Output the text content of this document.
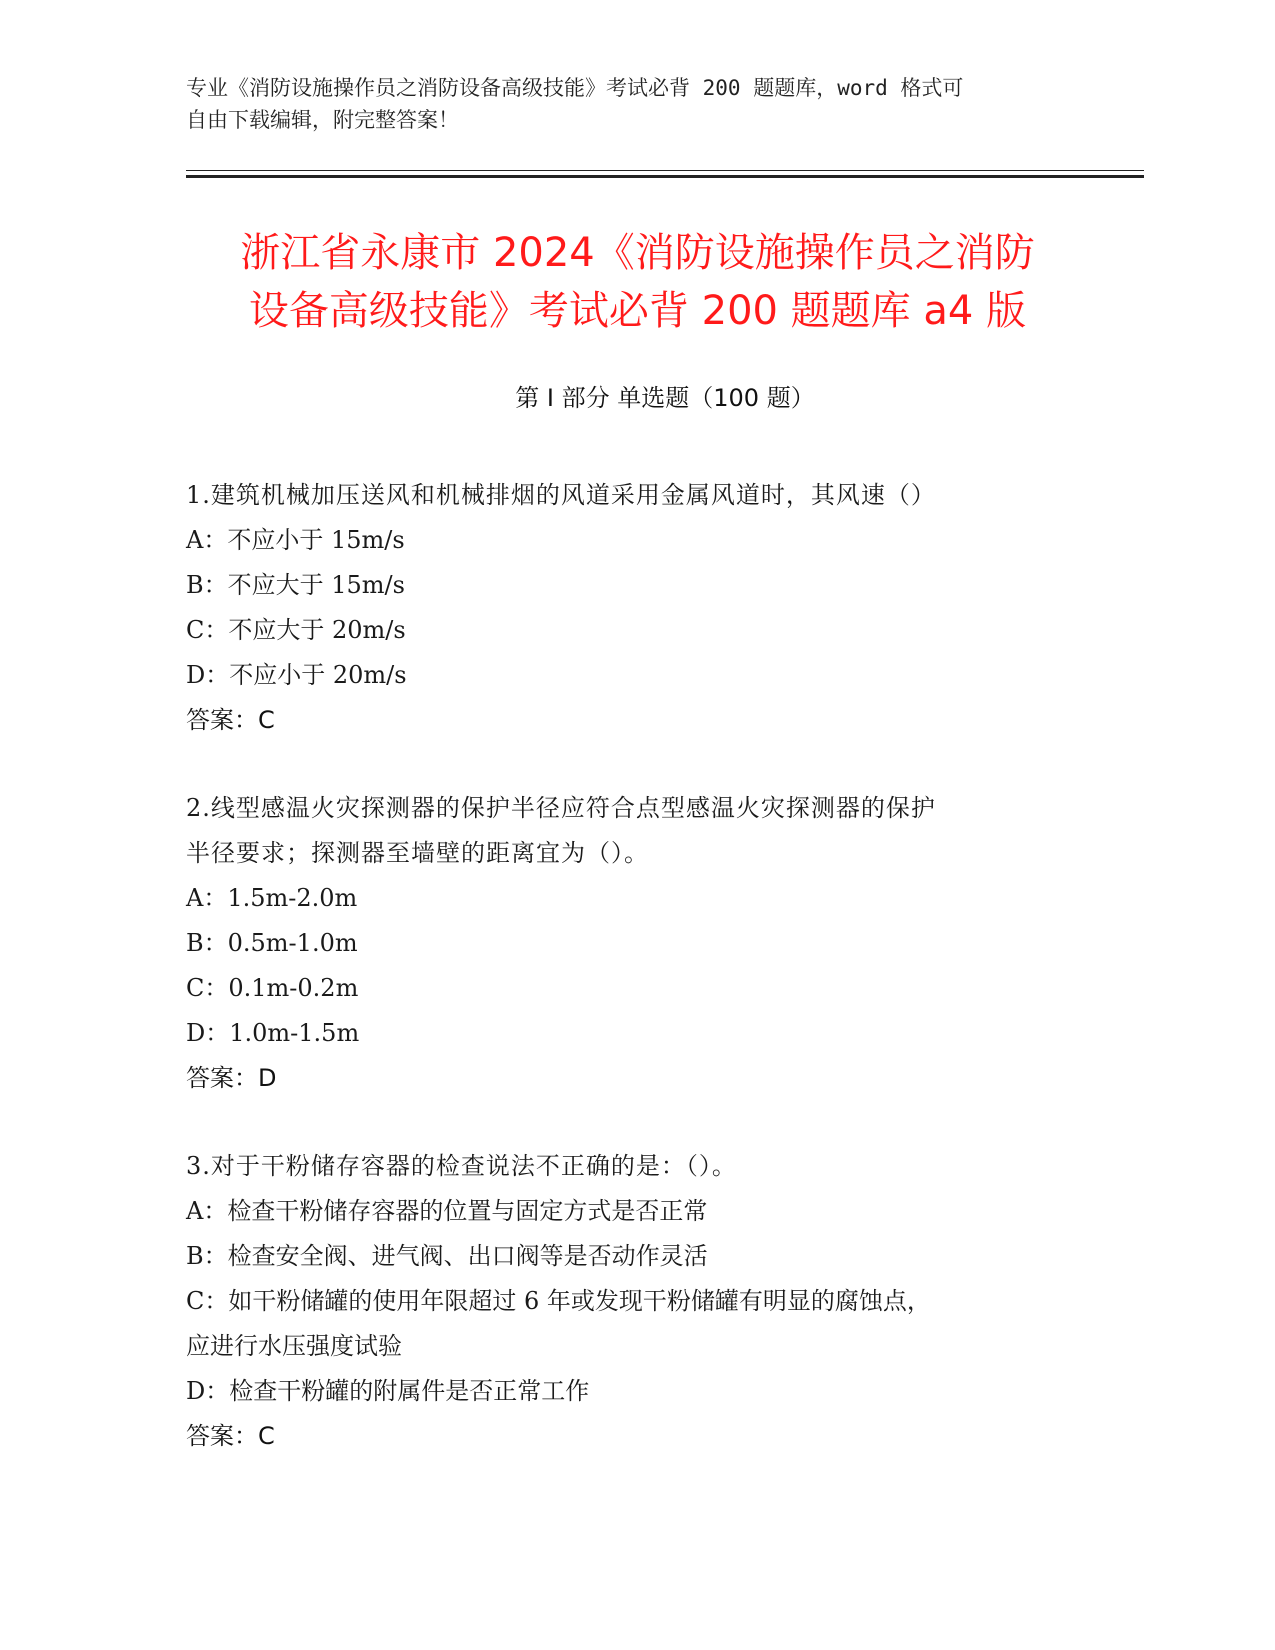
专业《消防设施操作员之消防设备高级技能》考试必背 200 题题库，word 格式可
自由下载编辑，附完整答案！
浙江省永康市 2024《消防设施操作员之消防
设备高级技能》考试必背 200 题题库 a4 版
第 I 部分 单选题（100 题）
1.建筑机械加压送风和机械排烟的风道采用金属风道时，其风速（）
A：不应小于 15m/s
B：不应大于 15m/s
C：不应大于 20m/s
D：不应小于 20m/s
答案：C
2.线型感温火灾探测器的保护半径应符合点型感温火灾探测器的保护
半径要求；探测器至墙壁的距离宜为（）。
A：1.5m-2.0m
B：0.5m-1.0m
C：0.1m-0.2m
D：1.0m-1.5m
答案：D
3.对于干粉储存容器的检查说法不正确的是：（）。
A：检查干粉储存容器的位置与固定方式是否正常
B：检查安全阀、进气阀、出口阀等是否动作灵活
C：如干粉储罐的使用年限超过 6 年或发现干粉储罐有明显的腐蚀点，
应进行水压强度试验
D：检查干粉罐的附属件是否正常工作
答案：C
